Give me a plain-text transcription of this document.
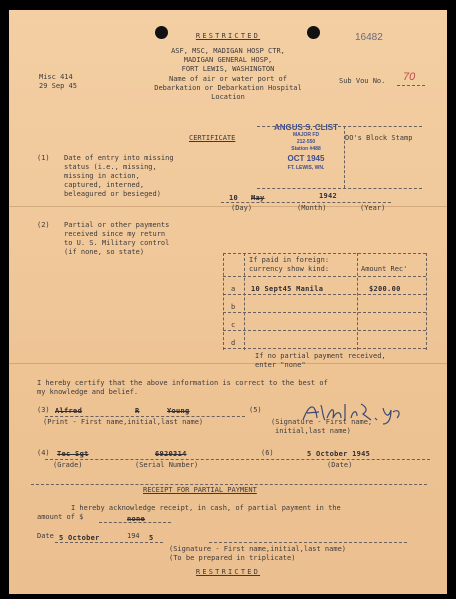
RESTRICTED
ASF, MSC, MADIGAN HOSP CTR,
MADIGAN GENERAL HOSP,
FORT LEWIS, WASHINGTON
Name of air or water port of
Debarkation or Debarkation Hospital
Location
Misc 414
29 Sep 45
16482
Sub Vou No. 70
CERTIFICATE	DO's Block Stamp
ANGUS S. CLIST
MAJOR FD
212-550
Station #488
OCT 1945
FT. LEWIS, WN.
(1) Date of entry into missing
status (i.e., missing,
missing in action,
captured, interned,
beleagured or besieged)	10 May	1942
(Day)	(Month)	(Year)
(2) Partial or other payments
received since my return
to U. S. Military control
(if none, so state)
If paid in foreign:
currency show kind:	Amount Rec'
a 10 Sept45 Manila	$200.00
b
c
d
If no partial payment received,
enter "none"
I hereby certify that the above information is correct to the best of
my knowledge and belief.
(3) Alfred	R	Young
(Print - First name,initial,last name)
(5)
(Signature - First name,
initial,last name)
(4) Tec Sgt	6920314
(Grade)	(Serial Number)
(6)	5 October 1945
(Date)
RECEIPT FOR PARTIAL PAYMENT
I hereby acknowledge receipt, in cash, of partial payment in the
amount of $	none
Date 5 October	194 5
(Signature - First name,initial,last name)
(To be prepared in triplicate)
RESTRICTED
